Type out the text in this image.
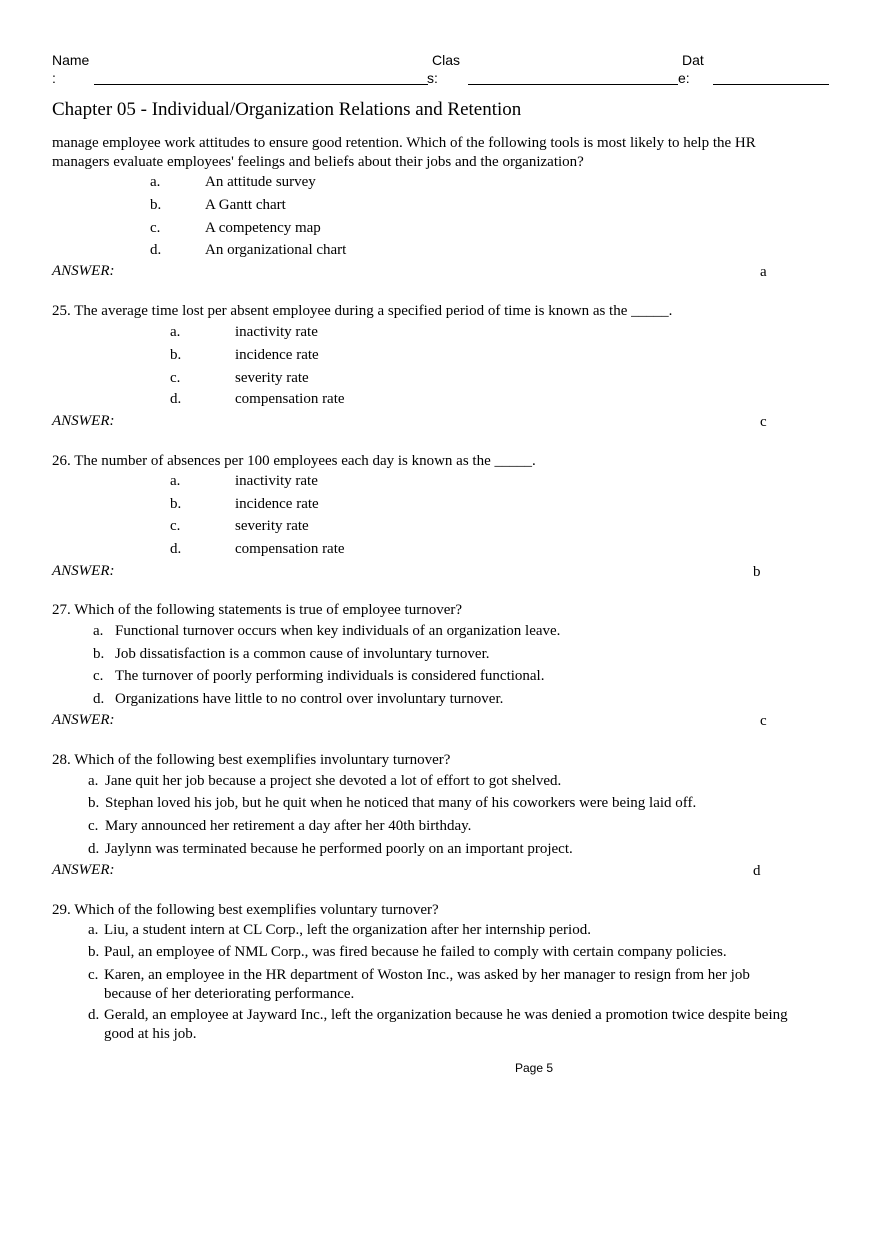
Name
:
Clas
s:
Dat
e:
Chapter 05 - Individual/Organization Relations and Retention
manage employee work attitudes to ensure good retention. Which of the following tools is most likely to help the HR
managers evaluate employees' feelings and beliefs about their jobs and the organization?
a.	An attitude survey
b.	A Gantt chart
c.	A competency map
d.	An organizational chart
ANSWER:	a
25. The average time lost per absent employee during a specified period of time is known as the _____.
a.	inactivity rate
b.	incidence rate
c.	severity rate
d.	compensation rate
ANSWER:	c
26. The number of absences per 100 employees each day is known as the _____.
a.	inactivity rate
b.	incidence rate
c.	severity rate
d.	compensation rate
ANSWER:	b
27. Which of the following statements is true of employee turnover?
a. Functional turnover occurs when key individuals of an organization leave.
b. Job dissatisfaction is a common cause of involuntary turnover.
c. The turnover of poorly performing individuals is considered functional.
d. Organizations have little to no control over involuntary turnover.
ANSWER:	c
28. Which of the following best exemplifies involuntary turnover?
a. Jane quit her job because a project she devoted a lot of effort to got shelved.
b. Stephan loved his job, but he quit when he noticed that many of his coworkers were being laid off.
c. Mary announced her retirement a day after her 40th birthday.
d. Jaylynn was terminated because he performed poorly on an important project.
ANSWER:	d
29. Which of the following best exemplifies voluntary turnover?
a. Liu, a student intern at CL Corp., left the organization after her internship period.
b. Paul, an employee of NML Corp., was fired because he failed to comply with certain company policies.
c. Karen, an employee in the HR department of Woston Inc., was asked by her manager to resign from her job because of her deteriorating performance.
d. Gerald, an employee at Jayward Inc., left the organization because he was denied a promotion twice despite being good at his job.
Page 5
